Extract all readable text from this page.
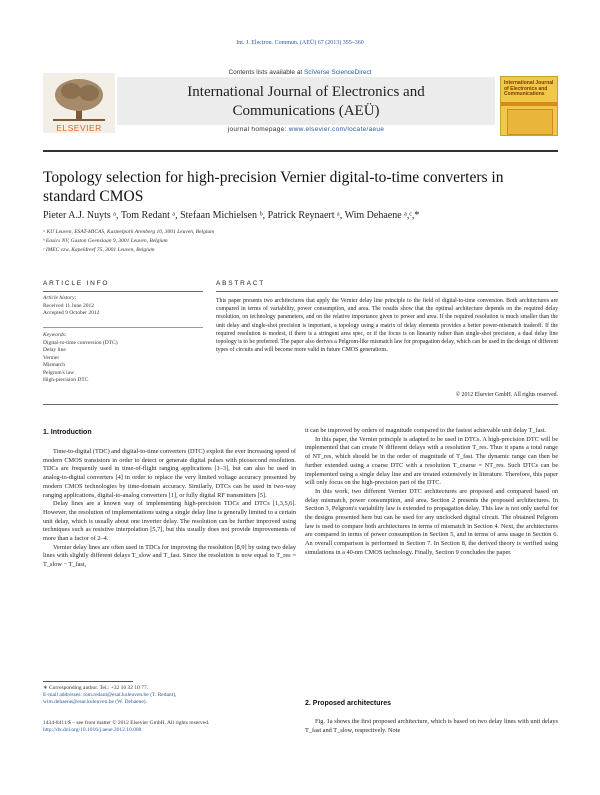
Int. J. Electron. Commun. (AEÜ) 67 (2013) 355–360
Contents lists available at SciVerse ScienceDirect
ELSEVIER
International Journal of Electronics and
Communications (AEÜ)
journal homepage: www.elsevier.com/locate/aeue
International Journal of Electronics and Communications
Topology selection for high-precision Vernier digital-to-time converters in
standard CMOS
Pieter A.J. Nuyts ᵃ, Tom Redant ᵃ, Stefaan Michielsen ᵇ, Patrick Reynaert ᵃ, Wim Dehaene ᵃ,ᶜ,*
ᵃ KU Leuven, ESAT-MICAS, Kasteelpark Arenberg 10, 3001 Leuven, Belgium
ᵇ Easics NV, Gaston Geenslaan 9, 3001 Leuven, Belgium
ᶜ IMEC vzw, Kapeldreef 75, 3001 Leuven, Belgium
ARTICLE INFO
Article history:
Received 11 June 2012
Accepted 9 October 2012
Keywords:
Digital-to-time conversion (DTC)
Delay line
Vernier
Mismatch
Pelgrom's law
High-precision DTC
ABSTRACT
This paper presents two architectures that apply the Vernier delay line principle to the field of digital-to-time conversion. Both architectures are compared in terms of variability, power consumption, and area. The results show that the optimal architecture depends on the required delay resolution, on technology parameters, and on the relative importance given to power and area. If the required resolution is much smaller than the unit delay and single-shot precision is important, a topology using a matrix of delay elements provides a better power-mismatch tradeoff. If the required resolution is modest, if there is a stringent area spec, or if the focus is on linearity rather than single-shot precision, a dual delay line topology is to be preferred. The paper also derives a Pelgrom-like mismatch law for propagation delay, which can be used in the design of different types of circuits and will become more valid in future CMOS generations.
© 2012 Elsevier GmbH. All rights reserved.
1. Introduction

Time-to-digital (TDC) and digital-to-time converters (DTC) exploit the ever increasing speed of modern CMOS transistors in order to detect or generate digital pulses with picosecond resolution. TDCs are frequently used in time-of-flight ranging applications [1–3], but can also be used in analog-to-digital converters [4] in order to replace the very limited voltage accuracy presented by modern CMOS technologies by time-domain accuracy. Similarly, DTCs can be used in two-way ranging applications, digital-to-analog converters [1], or fully digital RF transmitters [5].

Delay lines are a known way of implementing high-precision TDCs and DTCs [1,3,5,6]. However, the resolution of implementations using a single delay line is generally limited to a certain unit delay, which is usually about one inverter delay. The resolution can be further improved using techniques such as resistive interpolation [5,7], but this usually does not provide improvements of more than a factor of 2–4.

Vernier delay lines are often used in TDCs for improving the resolution [8,9] by using two delay lines with slightly different delays T_slow and T_fast. Since the resolution is now equal to T_res = T_slow − T_fast,

it can be improved by orders of magnitude compared to the fastest achievable unit delay T_fast.

In this paper, the Vernier principle is adapted to be used in DTCs. A high-precision DTC will be implemented that can create N different delays with a resolution T_res. Thus it spans a total range of NT_res, which should be in the order of magnitude of T_fast. The dynamic range can then be further extended using a coarse DTC with a resolution T_coarse = NT_res. Such DTCs can be implemented using a single delay line and are treated extensively in literature. Therefore, this paper will only focus on the high-precision part of the DTC.

In this work, two different Vernier DTC architectures are proposed and compared based on delay mismatch, power consumption, and area. Section 2 presents the proposed architectures. In Section 3, Pelgrom's variability law is extended to propagation delay. This law is not only useful for the designs presented here but can be used for any unclocked digital circuit. The obtained Pelgrom law is used to compare both architectures in terms of mismatch in Section 4. Next, the architectures are compared in terms of power consumption in Section 5, and in terms of area usage in Section 6. An overall comparison is performed in Section 7. In Section 8, the derived theory is verified using simulations in a 40-nm CMOS technology. Finally, Section 9 concludes the paper.

2. Proposed architectures

Fig. 1a shows the first proposed architecture, which is based on two delay lines with unit delays T_fast and T_slow, respectively. Note

∗ Corresponding author. Tel.: +32 16 32 10 77.
E-mail addresses: tom.redant@esat.kuleuven.be (T. Redant),
wim.dehaene@esat.kuleuven.be (W. Dehaene).
1434-8411/$ – see front matter © 2012 Elsevier GmbH. All rights reserved.
http://dx.doi.org/10.1016/j.aeue.2012.10.008
